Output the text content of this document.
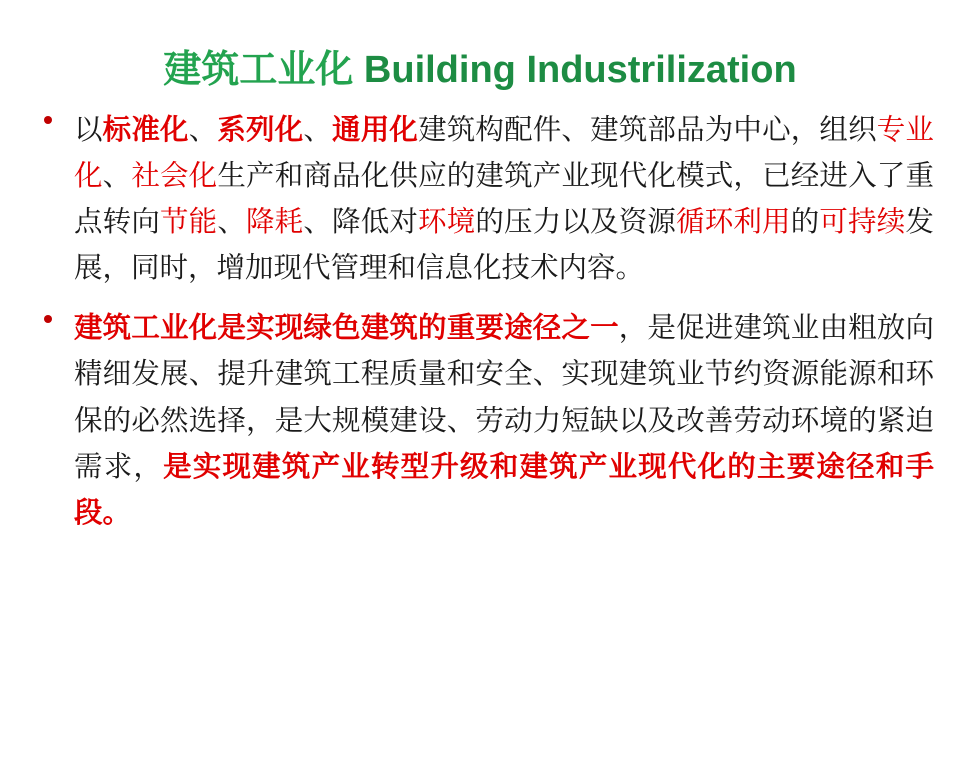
建筑工业化 Building Industrilization
以标准化、系列化、通用化建筑构配件、建筑部品为中心，组织专业化、社会化生产和商品化供应的建筑产业现代化模式，已经进入了重点转向节能、降耗、降低对环境的压力以及资源循环利用的可持续发展，同时，增加现代管理和信息化技术内容。
建筑工业化是实现绿色建筑的重要途径之一，是促进建筑业由粗放向精细发展、提升建筑工程质量和安全、实现建筑业节约资源能源和环保的必然选择，是大规模建设、劳动力短缺以及改善劳动环境的紧迫需求，是实现建筑产业转型升级和建筑产业现代化的主要途径和手段。
